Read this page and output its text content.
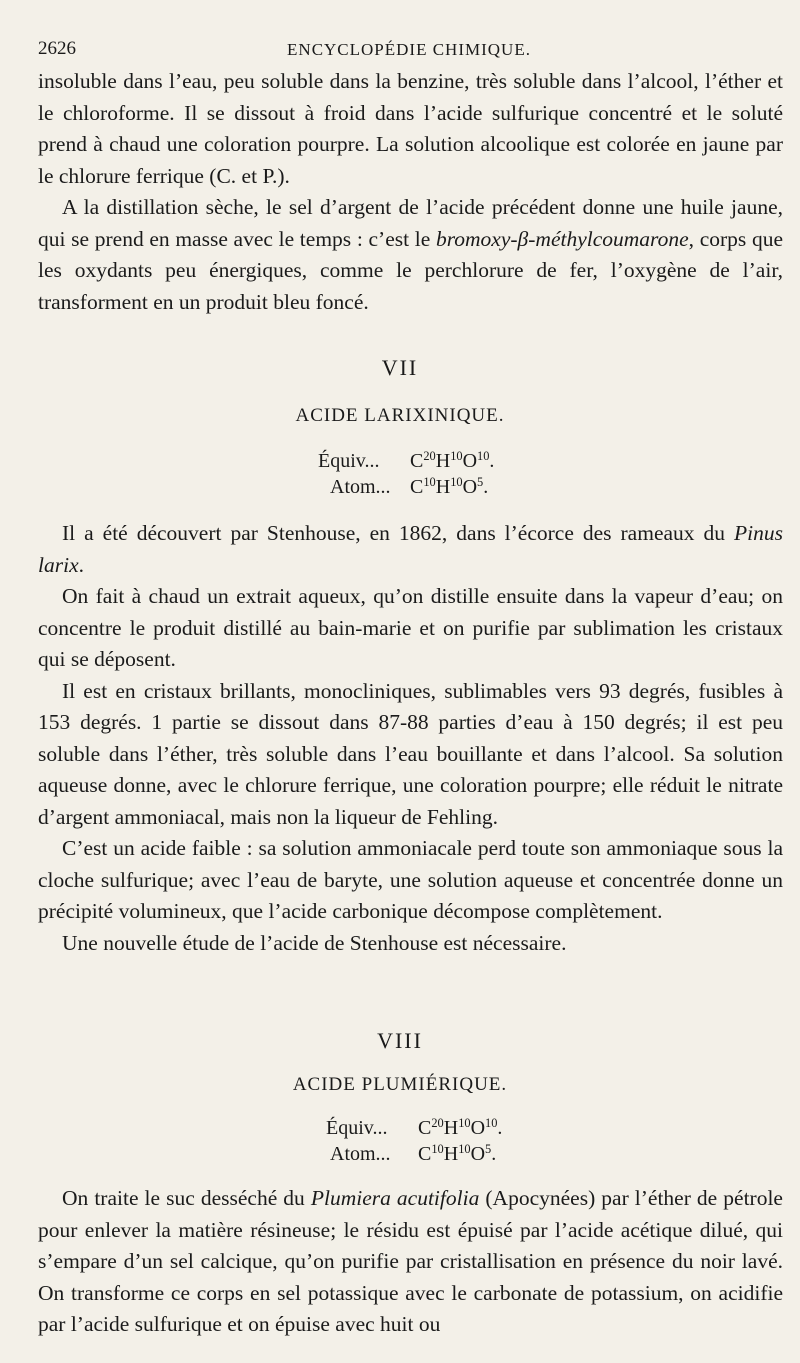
2626	ENCYCLOPÉDIE CHIMIQUE.

insoluble dans l’eau, peu soluble dans la benzine, très soluble dans l’alcool, l’éther et le chloroforme. Il se dissout à froid dans l’acide sulfurique concentré et le soluté prend à chaud une coloration pourpre. La solution alcoolique est colorée en jaune par le chlorure ferrique (C. et P.).

A la distillation sèche, le sel d’argent de l’acide précédent donne une huile jaune, qui se prend en masse avec le temps : c’est le bromoxy-β-méthylcoumarone, corps que les oxydants peu énergiques, comme le perchlorure de fer, l’oxygène de l’air, transforment en un produit bleu foncé.

VII
ACIDE LARIXINIQUE.
Équiv... $C^{20}H^{10}O^{10}$.
Atom... $C^{10}H^{10}O^5$.

Il a été découvert par Stenhouse, en 1862, dans l’écorce des rameaux du Pinus larix.

On fait à chaud un extrait aqueux, qu’on distille ensuite dans la vapeur d’eau; on concentre le produit distillé au bain-marie et on purifie par sublimation les cristaux qui se déposent.

Il est en cristaux brillants, monocliniques, sublimables vers 93 degrés, fusibles à 153 degrés. 1 partie se dissout dans 87-88 parties d’eau à 150 degrés; il est peu soluble dans l’éther, très soluble dans l’eau bouillante et dans l’alcool. Sa solution aqueuse donne, avec le chlorure ferrique, une coloration pourpre; elle réduit le nitrate d’argent ammoniacal, mais non la liqueur de Fehling.

C’est un acide faible : sa solution ammoniacale perd toute son ammoniaque sous la cloche sulfurique; avec l’eau de baryte, une solution aqueuse et concentrée donne un précipité volumineux, que l’acide carbonique décompose complètement.

Une nouvelle étude de l’acide de Stenhouse est nécessaire.

VIII
ACIDE PLUMIÉRIQUE.
Équiv... $C^{20}H^{10}O^{10}$.
Atom... $C^{10}H^{10}O^5$.

On traite le suc desséché du Plumiera acutifolia (Apocynées) par l’éther de pétrole pour enlever la matière résineuse; le résidu est épuisé par l’acide acétique dilué, qui s’empare d’un sel calcique, qu’on purifie par cristallisation en présence du noir lavé. On transforme ce corps en sel potassique avec le carbonate de potassium, on acidifie par l’acide sulfurique et on épuise avec huit ou
